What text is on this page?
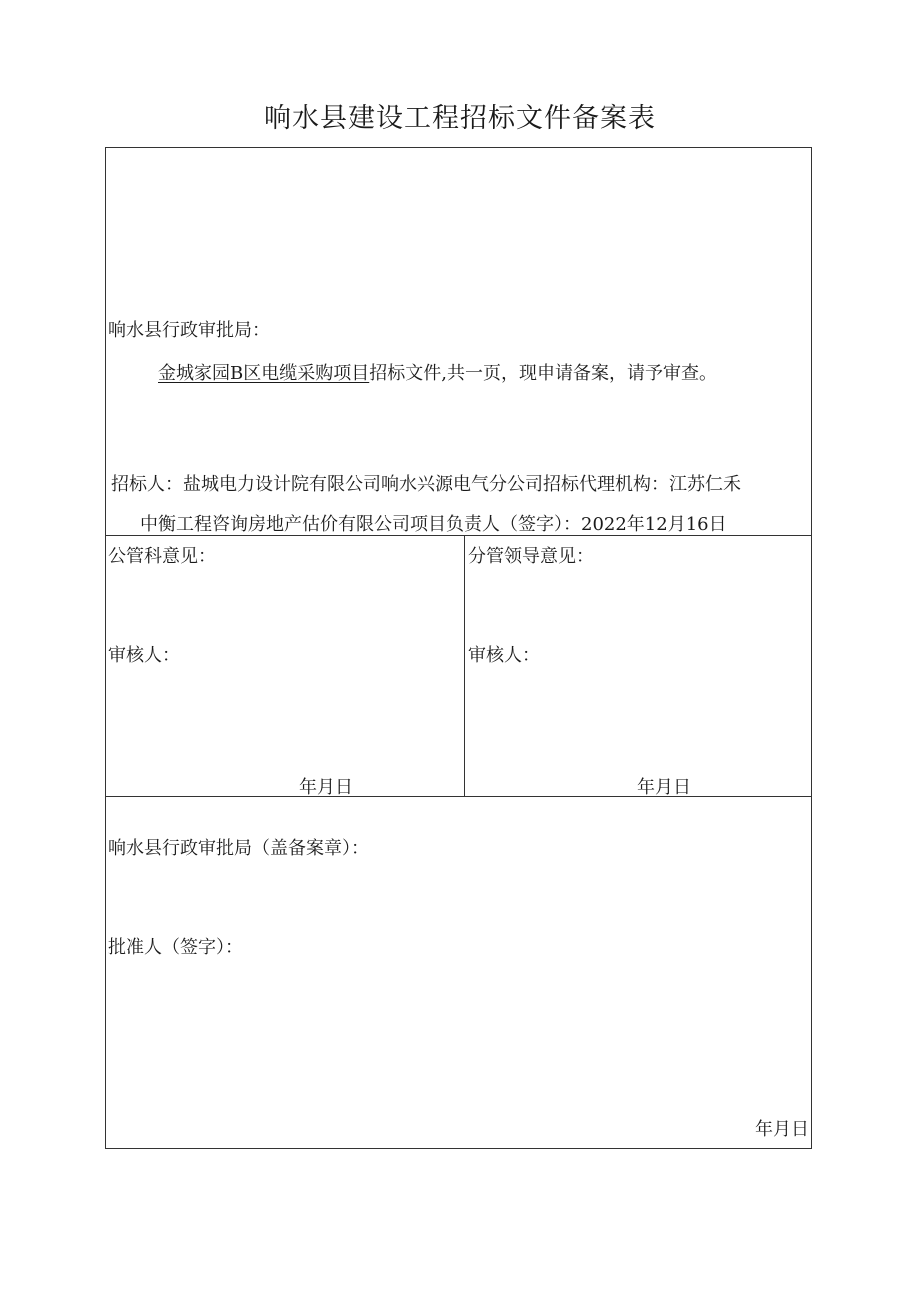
响水县建设工程招标文件备案表
响水县行政审批局：
金城家园B区电缆采购项目招标文件,共一页，现申请备案，请予审查。
招标人：盐城电力设计院有限公司响水兴源电气分公司招标代理机构：江苏仁禾
中衡工程咨询房地产估价有限公司项目负责人（签字）：2022年12月16日
公管科意见：
审核人：
年月日
分管领导意见：
审核人：
年月日
响水县行政审批局（盖备案章）：
批准人（签字）：
年月日
